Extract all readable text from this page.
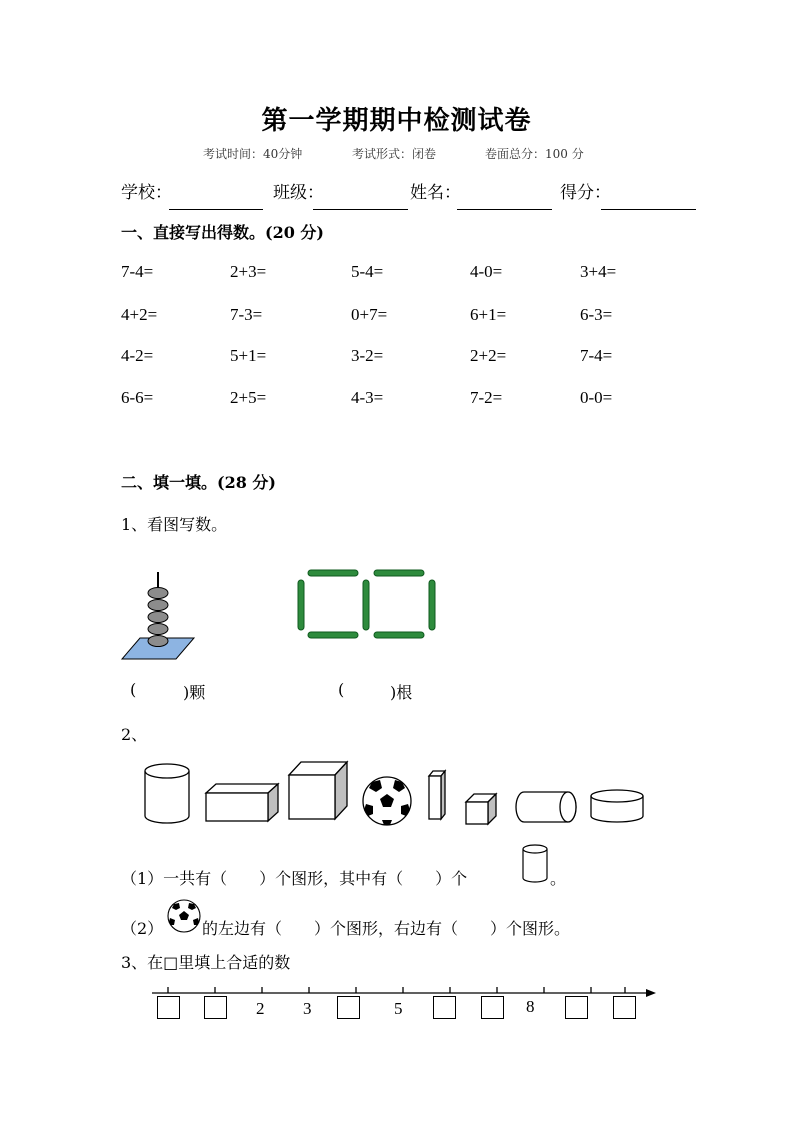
第一学期期中检测试卷
考试时间：40分钟	考试形式：闭卷	卷面总分：100 分
学校：	班级：	姓名：	得分：
一、直接写出得数。(20 分)
7-4=	2+3=	5-4=	4-0=	3+4=
4+2=	7-3=	0+7=	6+1=	6-3=
4-2=	5+1=	3-2=	2+2=	7-4=
6-6=	2+5=	4-3=	7-2=	0-0=
二、填一填。(28 分)
1、看图写数。
(	)颗	(	)根
2、
（1）一共有（　　）个图形，其中有（　　）个	。
（2） 的左边有（　　）个图形，右边有（　　）个图形。
3、在□里填上合适的数
2 3	5	8
